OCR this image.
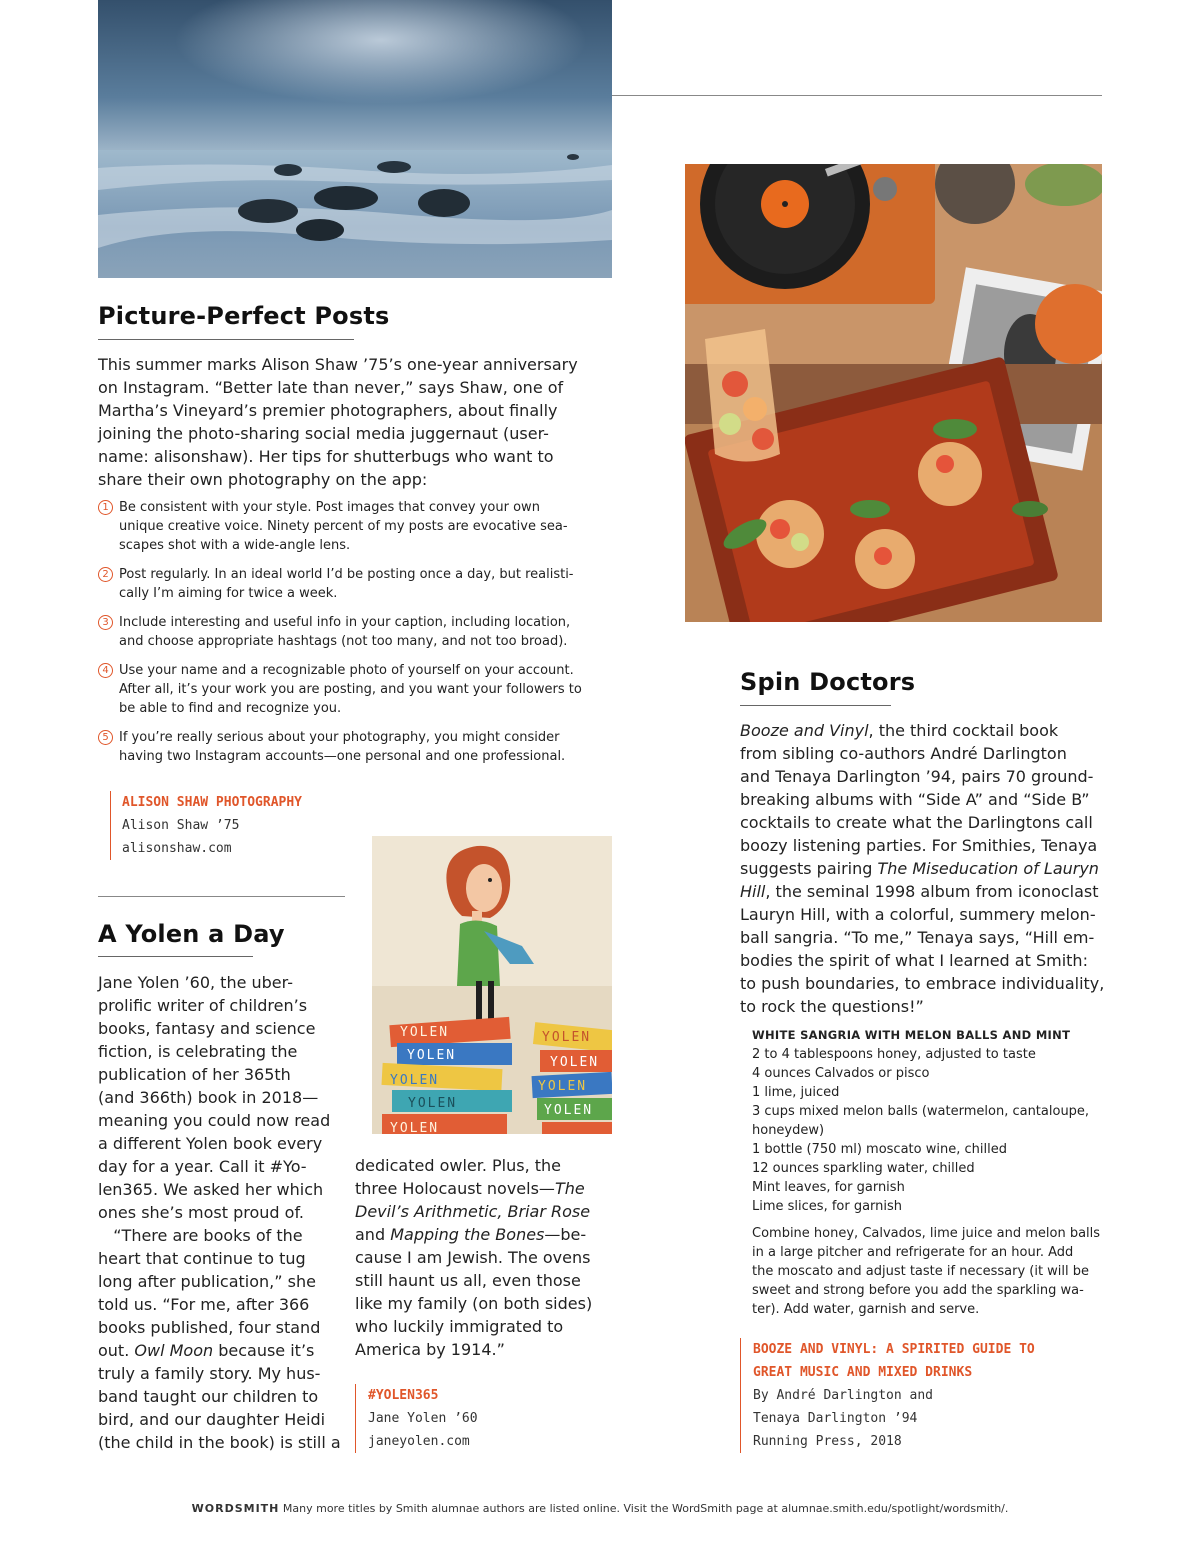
YOLEN
YOLEN
YOLEN
YOLEN
YOLEN
YOLEN
YOLEN
YOLEN
YOLEN
Picture-Perfect Posts
This summer marks Alison Shaw ’75’s one-year anniversary
on Instagram. “Better late than never,” says Shaw, one of
Martha’s Vineyard’s premier photographers, about finally
joining the photo-sharing social media juggernaut (user-
name: alisonshaw). Her tips for shutterbugs who want to
share their own photography on the app:
1 Be consistent with your style. Post images that convey your own
unique creative voice. Ninety percent of my posts are evocative sea-
scapes shot with a wide-angle lens.
2 Post regularly. In an ideal world I’d be posting once a day, but realisti-
cally I’m aiming for twice a week.
3 Include interesting and useful info in your caption, including location,
and choose appropriate hashtags (not too many, and not too broad).
4 Use your name and a recognizable photo of yourself on your account.
After all, it’s your work you are posting, and you want your followers to
be able to find and recognize you.
5 If you’re really serious about your photography, you might consider
having two Instagram accounts—one personal and one professional.
ALISON SHAW PHOTOGRAPHY
Alison Shaw ’75
alisonshaw.com
A Yolen a Day
Jane Yolen ’60, the uber-
prolific writer of children’s
books, fantasy and science
fiction, is celebrating the
publication of her 365th
(and 366th) book in 2018—
meaning you could now read
a different Yolen book every
day for a year. Call it #Yo-
len365. We asked her which
ones she’s most proud of.
“There are books of the
heart that continue to tug
long after publication,” she
told us. “For me, after 366
books published, four stand
out. Owl Moon because it’s
truly a family story. My hus-
band taught our children to
bird, and our daughter Heidi
(the child in the book) is still a
dedicated owler. Plus, the
three Holocaust novels—The
Devil’s Arithmetic, Briar Rose
and Mapping the Bones—be-
cause I am Jewish. The ovens
still haunt us all, even those
like my family (on both sides)
who luckily immigrated to
America by 1914.”
#YOLEN365
Jane Yolen ’60
janeyolen.com
Spin Doctors
Booze and Vinyl, the third cocktail book
from sibling co-authors André Darlington
and Tenaya Darlington ’94, pairs 70 ground-
breaking albums with “Side A” and “Side B”
cocktails to create what the Darlingtons call
boozy listening parties. For Smithies, Tenaya
suggests pairing The Miseducation of Lauryn
Hill, the seminal 1998 album from iconoclast
Lauryn Hill, with a colorful, summery melon-
ball sangria. “To me,” Tenaya says, “Hill em-
bodies the spirit of what I learned at Smith:
to push boundaries, to embrace individuality,
to rock the questions!”
WHITE SANGRIA WITH MELON BALLS AND MINT
2 to 4 tablespoons honey, adjusted to taste
4 ounces Calvados or pisco
1 lime, juiced
3 cups mixed melon balls (watermelon, cantaloupe,
honeydew)
1 bottle (750 ml) moscato wine, chilled
12 ounces sparkling water, chilled
Mint leaves, for garnish
Lime slices, for garnish
Combine honey, Calvados, lime juice and melon balls
in a large pitcher and refrigerate for an hour. Add
the moscato and adjust taste if necessary (it will be
sweet and strong before you add the sparkling wa-
ter). Add water, garnish and serve.
BOOZE AND VINYL: A SPIRITED GUIDE TO
GREAT MUSIC AND MIXED DRINKS
By André Darlington and
Tenaya Darlington ’94
Running Press, 2018
WORDSMITH Many more titles by Smith alumnae authors are listed online. Visit the WordSmith page at alumnae.smith.edu/spotlight/wordsmith/.
